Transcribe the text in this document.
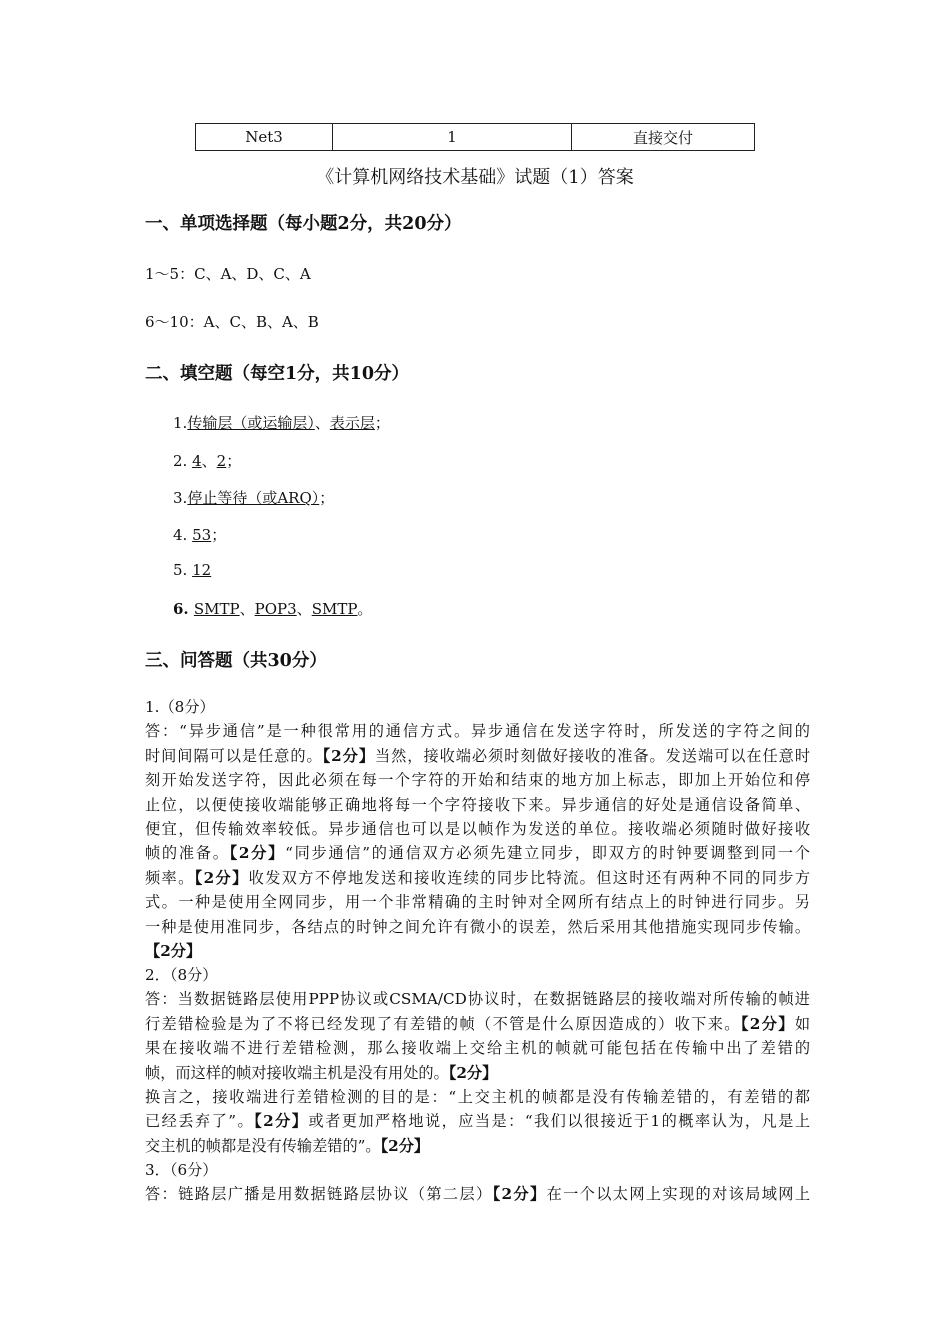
Net3	1	直接交付
《计算机网络技术基础》试题（1）答案
一、单项选择题（每小题2分，共20分）
1～5：C、A、D、C、A
6～10：A、C、B、A、B
二、填空题（每空1分，共10分）
1.传输层（或运输层）、表示层；
2. 4、2；
3.停止等待（或ARQ）；
4. 53；
5. 12
6. SMTP、POP3、SMTP。
三、问答题（共30分）
1.（8分）
答：“异步通信”是一种很常用的通信方式。异步通信在发送字符时，所发送的字符之间的
时间间隔可以是任意的。【2分】当然，接收端必须时刻做好接收的准备。发送端可以在任意时
刻开始发送字符，因此必须在每一个字符的开始和结束的地方加上标志，即加上开始位和停
止位，以便使接收端能够正确地将每一个字符接收下来。异步通信的好处是通信设备简单、
便宜，但传输效率较低。异步通信也可以是以帧作为发送的单位。接收端必须随时做好接收
帧的准备。【2分】“同步通信”的通信双方必须先建立同步，即双方的时钟要调整到同一个
频率。【2分】收发双方不停地发送和接收连续的同步比特流。但这时还有两种不同的同步方
式。一种是使用全网同步，用一个非常精确的主时钟对全网所有结点上的时钟进行同步。另
一种是使用准同步，各结点的时钟之间允许有微小的误差，然后采用其他措施实现同步传输。
【2分】
2．（8分）
答：当数据链路层使用PPP协议或CSMA/CD协议时，在数据链路层的接收端对所传输的帧进
行差错检验是为了不将已经发现了有差错的帧（不管是什么原因造成的）收下来。【2分】如
果在接收端不进行差错检测，那么接收端上交给主机的帧就可能包括在传输中出了差错的
帧，而这样的帧对接收端主机是没有用处的。【2分】
换言之，接收端进行差错检测的目的是：“上交主机的帧都是没有传输差错的，有差错的都
已经丢弃了”。【2分】或者更加严格地说，应当是：“我们以很接近于1的概率认为，凡是上
交主机的帧都是没有传输差错的”。【2分】
3．（6分）
答：链路层广播是用数据链路层协议（第二层）【2分】在一个以太网上实现的对该局域网上
